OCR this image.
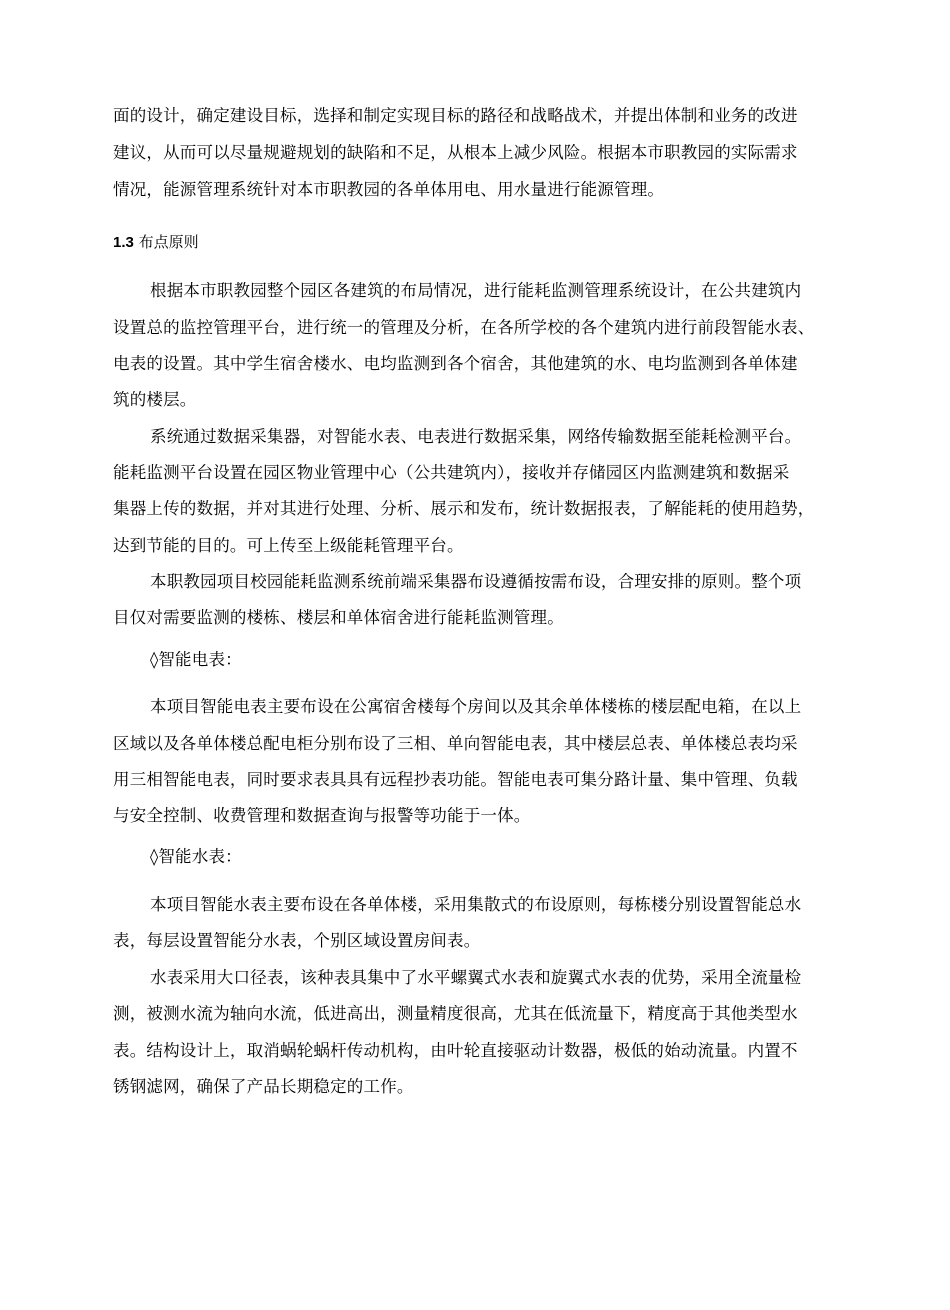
面的设计，确定建设目标，选择和制定实现目标的路径和战略战术，并提出体制和业务的改进
建议，从而可以尽量规避规划的缺陷和不足，从根本上减少风险。根据本市职教园的实际需求
情况，能源管理系统针对本市职教园的各单体用电、用水量进行能源管理。
1.3 布点原则
根据本市职教园整个园区各建筑的布局情况，进行能耗监测管理系统设计，在公共建筑内
设置总的监控管理平台，进行统一的管理及分析，在各所学校的各个建筑内进行前段智能水表、
电表的设置。其中学生宿舍楼水、电均监测到各个宿舍，其他建筑的水、电均监测到各单体建
筑的楼层。
系统通过数据采集器，对智能水表、电表进行数据采集，网络传输数据至能耗检测平台。
能耗监测平台设置在园区物业管理中心（公共建筑内），接收并存储园区内监测建筑和数据采
集器上传的数据，并对其进行处理、分析、展示和发布，统计数据报表，了解能耗的使用趋势，
达到节能的目的。可上传至上级能耗管理平台。
本职教园项目校园能耗监测系统前端采集器布设遵循按需布设，合理安排的原则。整个项
目仅对需要监测的楼栋、楼层和单体宿舍进行能耗监测管理。
◊智能电表：
本项目智能电表主要布设在公寓宿舍楼每个房间以及其余单体楼栋的楼层配电箱，在以上
区域以及各单体楼总配电柜分别布设了三相、单向智能电表，其中楼层总表、单体楼总表均采
用三相智能电表，同时要求表具具有远程抄表功能。智能电表可集分路计量、集中管理、负载
与安全控制、收费管理和数据查询与报警等功能于一体。
◊智能水表：
本项目智能水表主要布设在各单体楼，采用集散式的布设原则，每栋楼分别设置智能总水
表，每层设置智能分水表，个别区域设置房间表。
水表采用大口径表，该种表具集中了水平螺翼式水表和旋翼式水表的优势，采用全流量检
测，被测水流为轴向水流，低进高出，测量精度很高，尤其在低流量下，精度高于其他类型水
表。结构设计上，取消蜗轮蜗杆传动机构，由叶轮直接驱动计数器，极低的始动流量。内置不
锈钢滤网，确保了产品长期稳定的工作。
